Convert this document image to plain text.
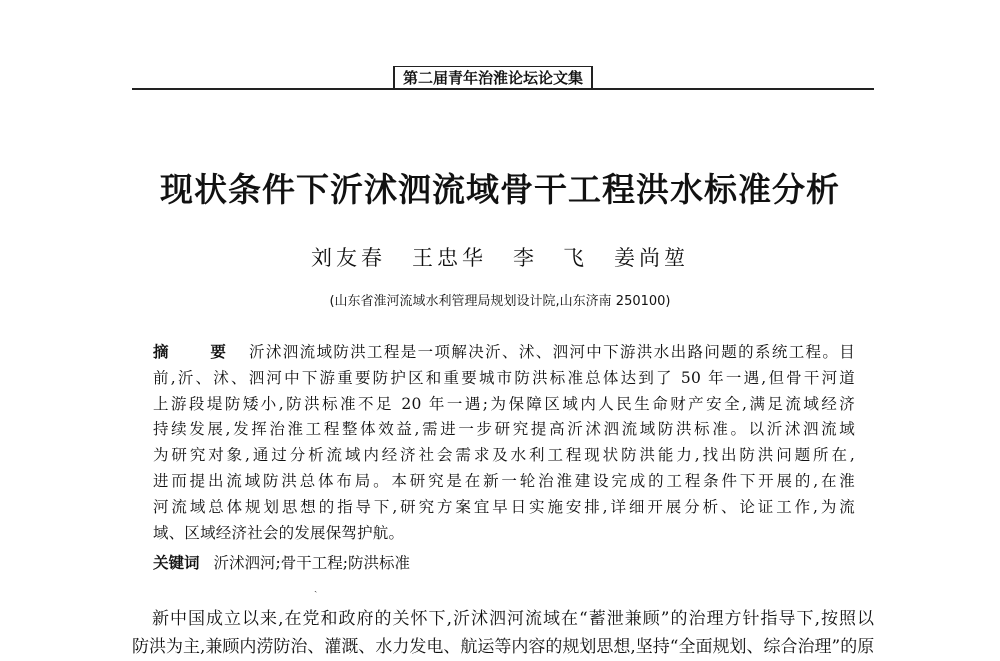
第二届青年治淮论坛论文集
现状条件下沂沭泗流域骨干工程洪水标准分析
刘友春 王忠华 李　飞 姜尚堃
(山东省淮河流域水利管理局规划设计院,山东济南 250100)
摘　要 沂沭泗流域防洪工程是一项解决沂、沭、泗河中下游洪水出路问题的系统工程。目
前,沂、沭、泗河中下游重要防护区和重要城市防洪标准总体达到了 50 年一遇,但骨干河道
上游段堤防矮小,防洪标准不足 20 年一遇;为保障区域内人民生命财产安全,满足流域经济
持续发展,发挥治淮工程整体效益,需进一步研究提高沂沭泗流域防洪标准。以沂沭泗流域
为研究对象,通过分析流域内经济社会需求及水利工程现状防洪能力,找出防洪问题所在,
进而提出流域防洪总体布局。本研究是在新一轮治淮建设完成的工程条件下开展的,在淮
河流域总体规划思想的指导下,研究方案宜早日实施安排,详细开展分析、论证工作,为流
域、区域经济社会的发展保驾护航。
关键词 沂沭泗河;骨干工程;防洪标准
ˏ
新中国成立以来,在党和政府的关怀下,沂沭泗河流域在“蓄泄兼顾”的治理方针指导下,按照以
防洪为主,兼顾内涝防治、灌溉、水力发电、航运等内容的规划思想,坚持“全面规划、综合治理”的原
